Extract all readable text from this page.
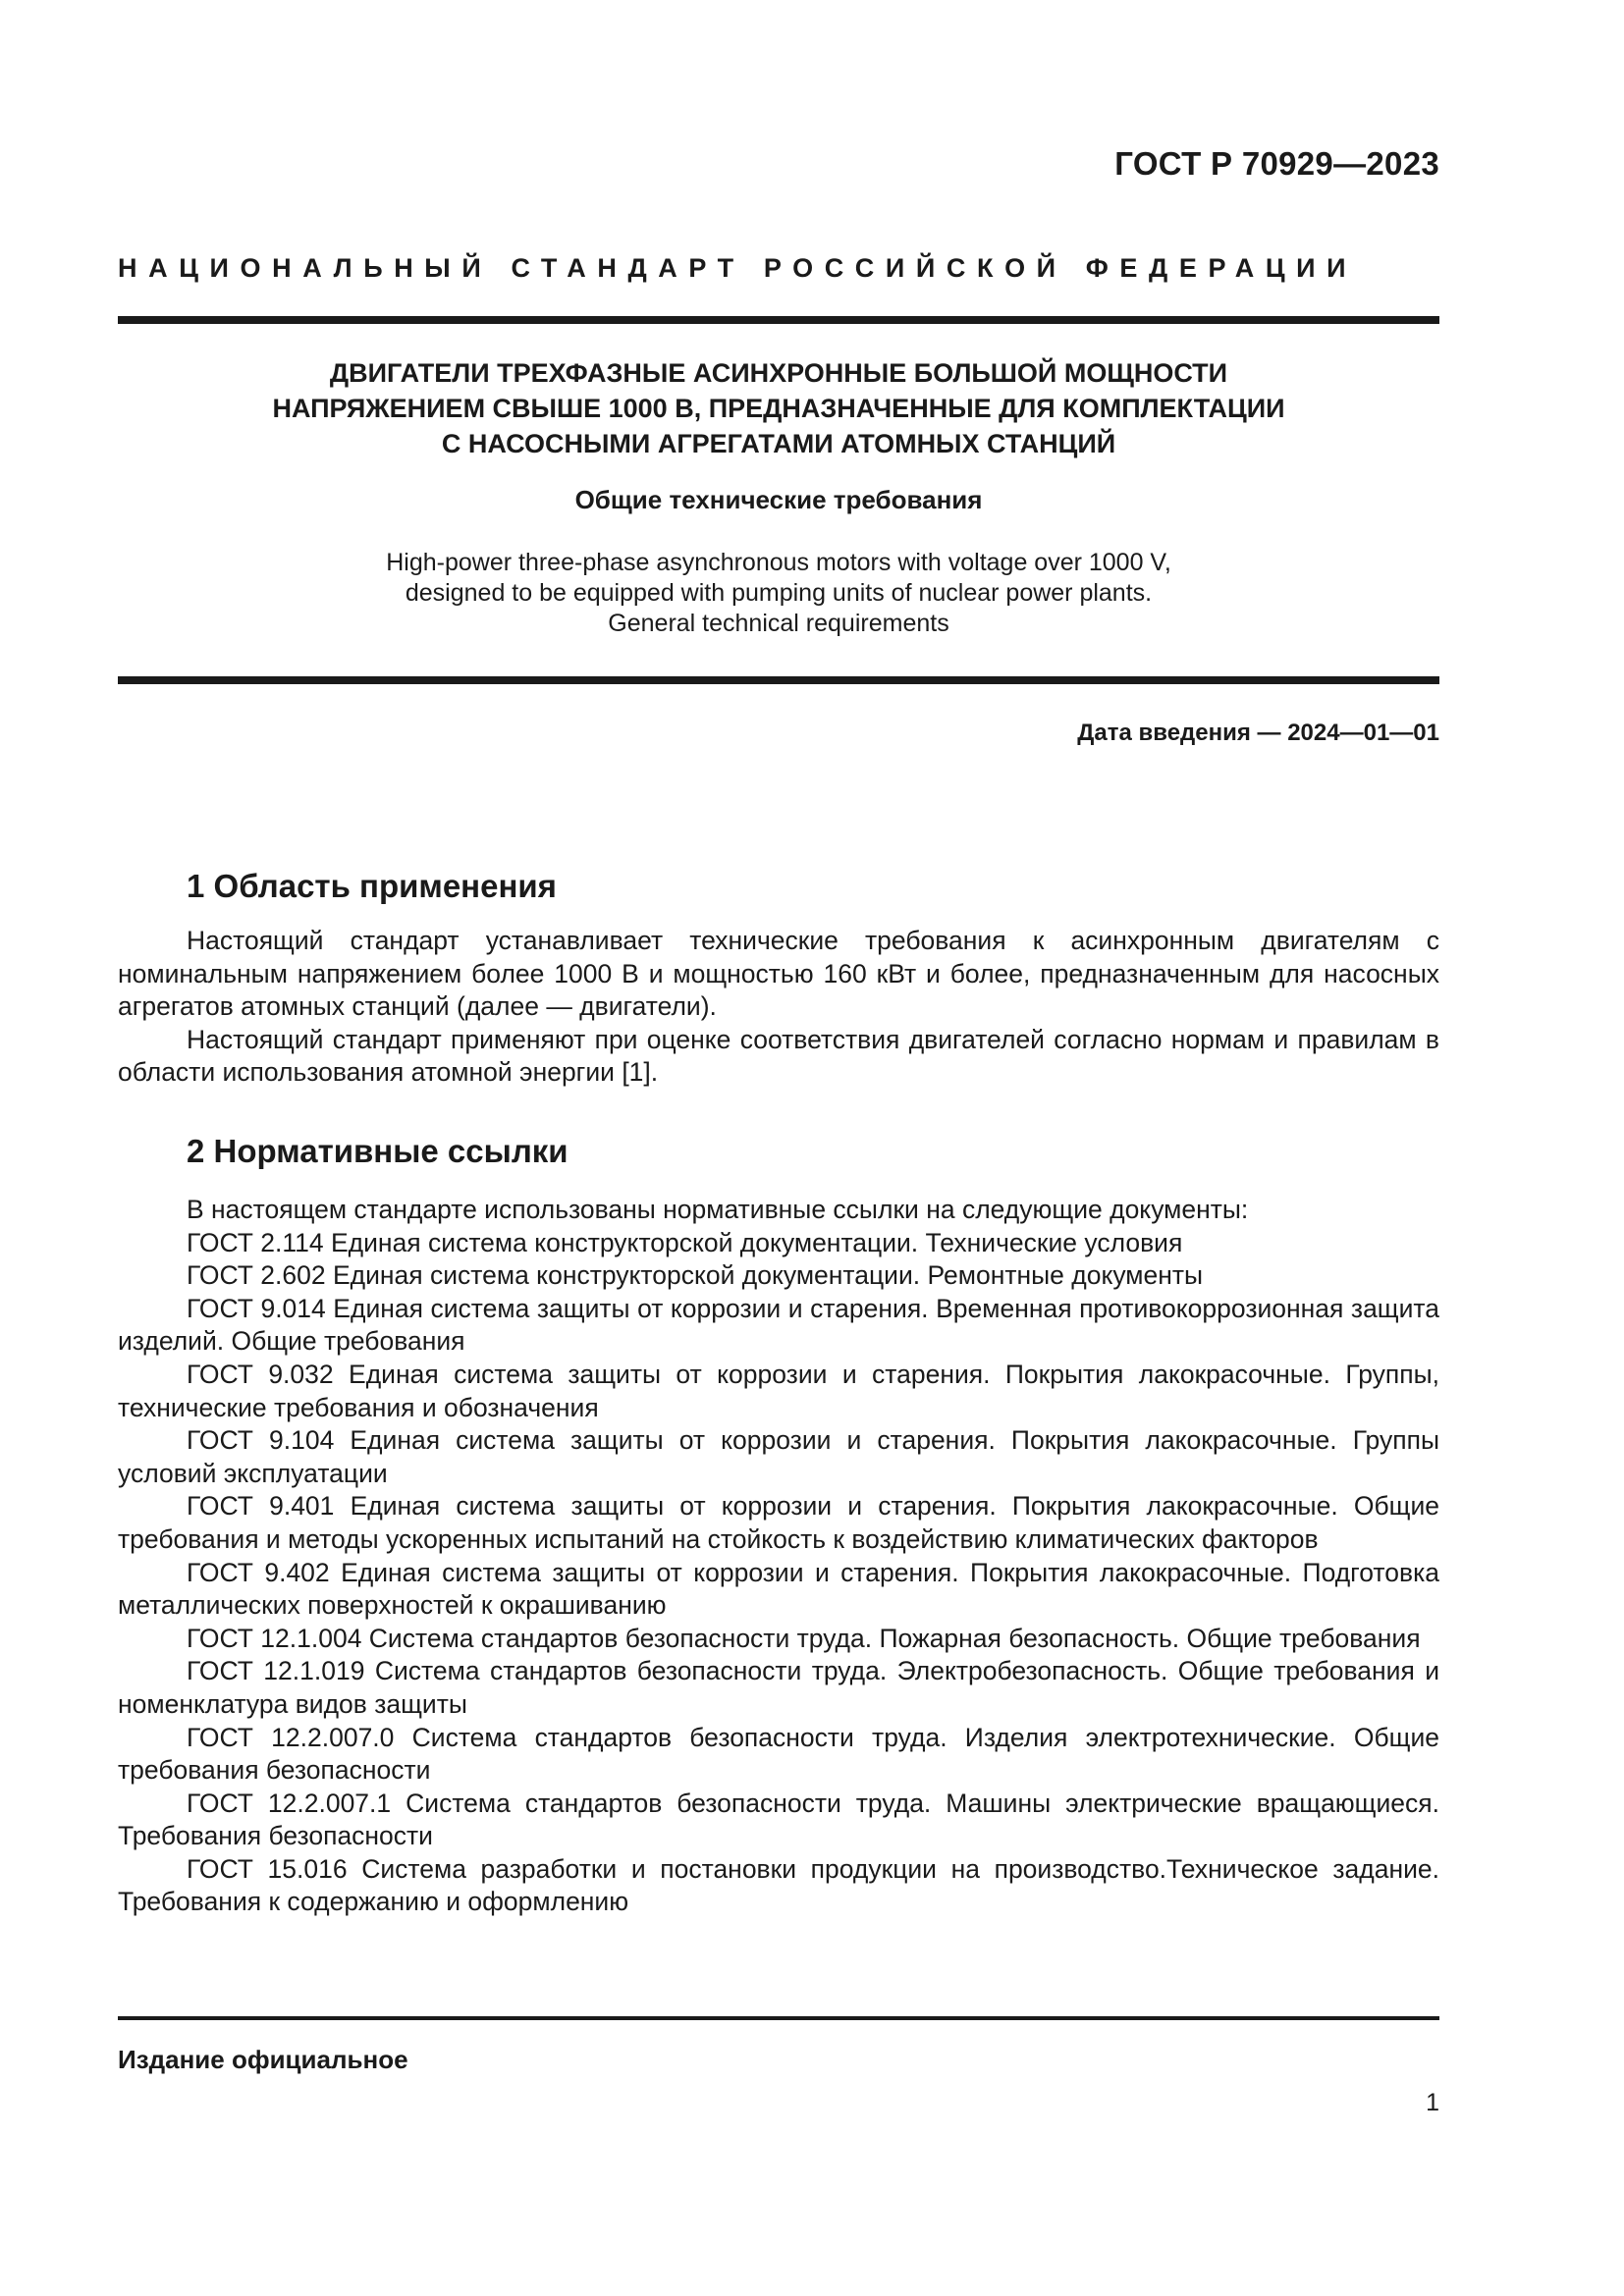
ГОСТ Р 70929—2023
НАЦИОНАЛЬНЫЙ СТАНДАРТ РОССИЙСКОЙ ФЕДЕРАЦИИ
ДВИГАТЕЛИ ТРЕХФАЗНЫЕ АСИНХРОННЫЕ БОЛЬШОЙ МОЩНОСТИ
НАПРЯЖЕНИЕМ СВЫШЕ 1000 В, ПРЕДНАЗНАЧЕННЫЕ ДЛЯ КОМПЛЕКТАЦИИ
С НАСОСНЫМИ АГРЕГАТАМИ АТОМНЫХ СТАНЦИЙ
Общие технические требования
High-power three-phase asynchronous motors with voltage over 1000 V,
designed to be equipped with pumping units of nuclear power plants.
General technical requirements
Дата введения — 2024—01—01
1 Область применения

Настоящий стандарт устанавливает технические требования к асинхронным двигателям с номинальным напряжением более 1000 В и мощностью 160 кВт и более, предназначенным для насосных агрегатов атомных станций (далее — двигатели).

Настоящий стандарт применяют при оценке соответствия двигателей согласно нормам и правилам в области использования атомной энергии [1].

2 Нормативные ссылки

В настоящем стандарте использованы нормативные ссылки на следующие документы:

ГОСТ 2.114 Единая система конструкторской документации. Технические условия

ГОСТ 2.602 Единая система конструкторской документации. Ремонтные документы

ГОСТ 9.014 Единая система защиты от коррозии и старения. Временная противокоррозионная защита изделий. Общие требования

ГОСТ 9.032 Единая система защиты от коррозии и старения. Покрытия лакокрасочные. Группы, технические требования и обозначения

ГОСТ 9.104 Единая система защиты от коррозии и старения. Покрытия лакокрасочные. Группы условий эксплуатации

ГОСТ 9.401 Единая система защиты от коррозии и старения. Покрытия лакокрасочные. Общие требования и методы ускоренных испытаний на стойкость к воздействию климатических факторов

ГОСТ 9.402 Единая система защиты от коррозии и старения. Покрытия лакокрасочные. Подготовка металлических поверхностей к окрашиванию

ГОСТ 12.1.004 Система стандартов безопасности труда. Пожарная безопасность. Общие требования

ГОСТ 12.1.019 Система стандартов безопасности труда. Электробезопасность. Общие требования и номенклатура видов защиты

ГОСТ 12.2.007.0 Система стандартов безопасности труда. Изделия электротехнические. Общие требования безопасности

ГОСТ 12.2.007.1 Система стандартов безопасности труда. Машины электрические вращающиеся. Требования безопасности

ГОСТ 15.016 Система разработки и постановки продукции на производство.Техническое задание. Требования к содержанию и оформлению

Издание официальное
1
